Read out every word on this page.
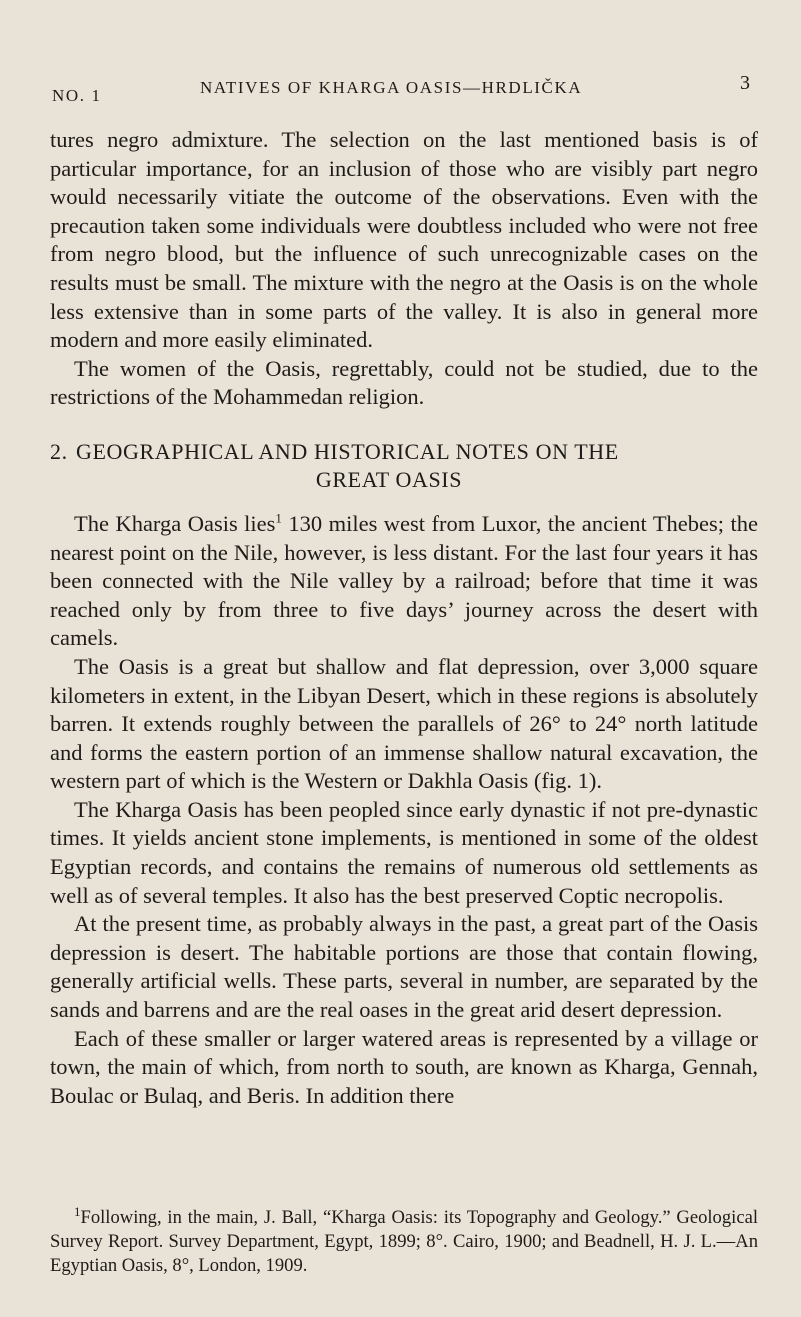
NO. 1	NATIVES OF KHARGA OASIS—HRDLIČKA	3

tures negro admixture. The selection on the last mentioned basis is of particular importance, for an inclusion of those who are visibly part negro would necessarily vitiate the outcome of the observations. Even with the precaution taken some individuals were doubtless included who were not free from negro blood, but the influence of such unrecognizable cases on the results must be small. The mixture with the negro at the Oasis is on the whole less extensive than in some parts of the valley. It is also in general more modern and more easily eliminated.

The women of the Oasis, regrettably, could not be studied, due to the restrictions of the Mohammedan religion.

2. GEOGRAPHICAL AND HISTORICAL NOTES ON THE
GREAT OASIS

The Kharga Oasis lies$^1$ 130 miles west from Luxor, the ancient Thebes; the nearest point on the Nile, however, is less distant. For the last four years it has been connected with the Nile valley by a railroad; before that time it was reached only by from three to five days’ journey across the desert with camels.

The Oasis is a great but shallow and flat depression, over 3,000 square kilometers in extent, in the Libyan Desert, which in these regions is absolutely barren. It extends roughly between the parallels of 26° to 24° north latitude and forms the eastern portion of an immense shallow natural excavation, the western part of which is the Western or Dakhla Oasis (fig. 1).

The Kharga Oasis has been peopled since early dynastic if not pre-dynastic times. It yields ancient stone implements, is mentioned in some of the oldest Egyptian records, and contains the remains of numerous old settlements as well as of several temples. It also has the best preserved Coptic necropolis.

At the present time, as probably always in the past, a great part of the Oasis depression is desert. The habitable portions are those that contain flowing, generally artificial wells. These parts, several in number, are separated by the sands and barrens and are the real oases in the great arid desert depression.

Each of these smaller or larger watered areas is represented by a village or town, the main of which, from north to south, are known as Kharga, Gennah, Boulac or Bulaq, and Beris. In addition there

$^1$Following, in the main, J. Ball, “Kharga Oasis: its Topography and Geology.” Geological Survey Report. Survey Department, Egypt, 1899; 8°. Cairo, 1900; and Beadnell, H. J. L.—An Egyptian Oasis, 8°, London, 1909.
